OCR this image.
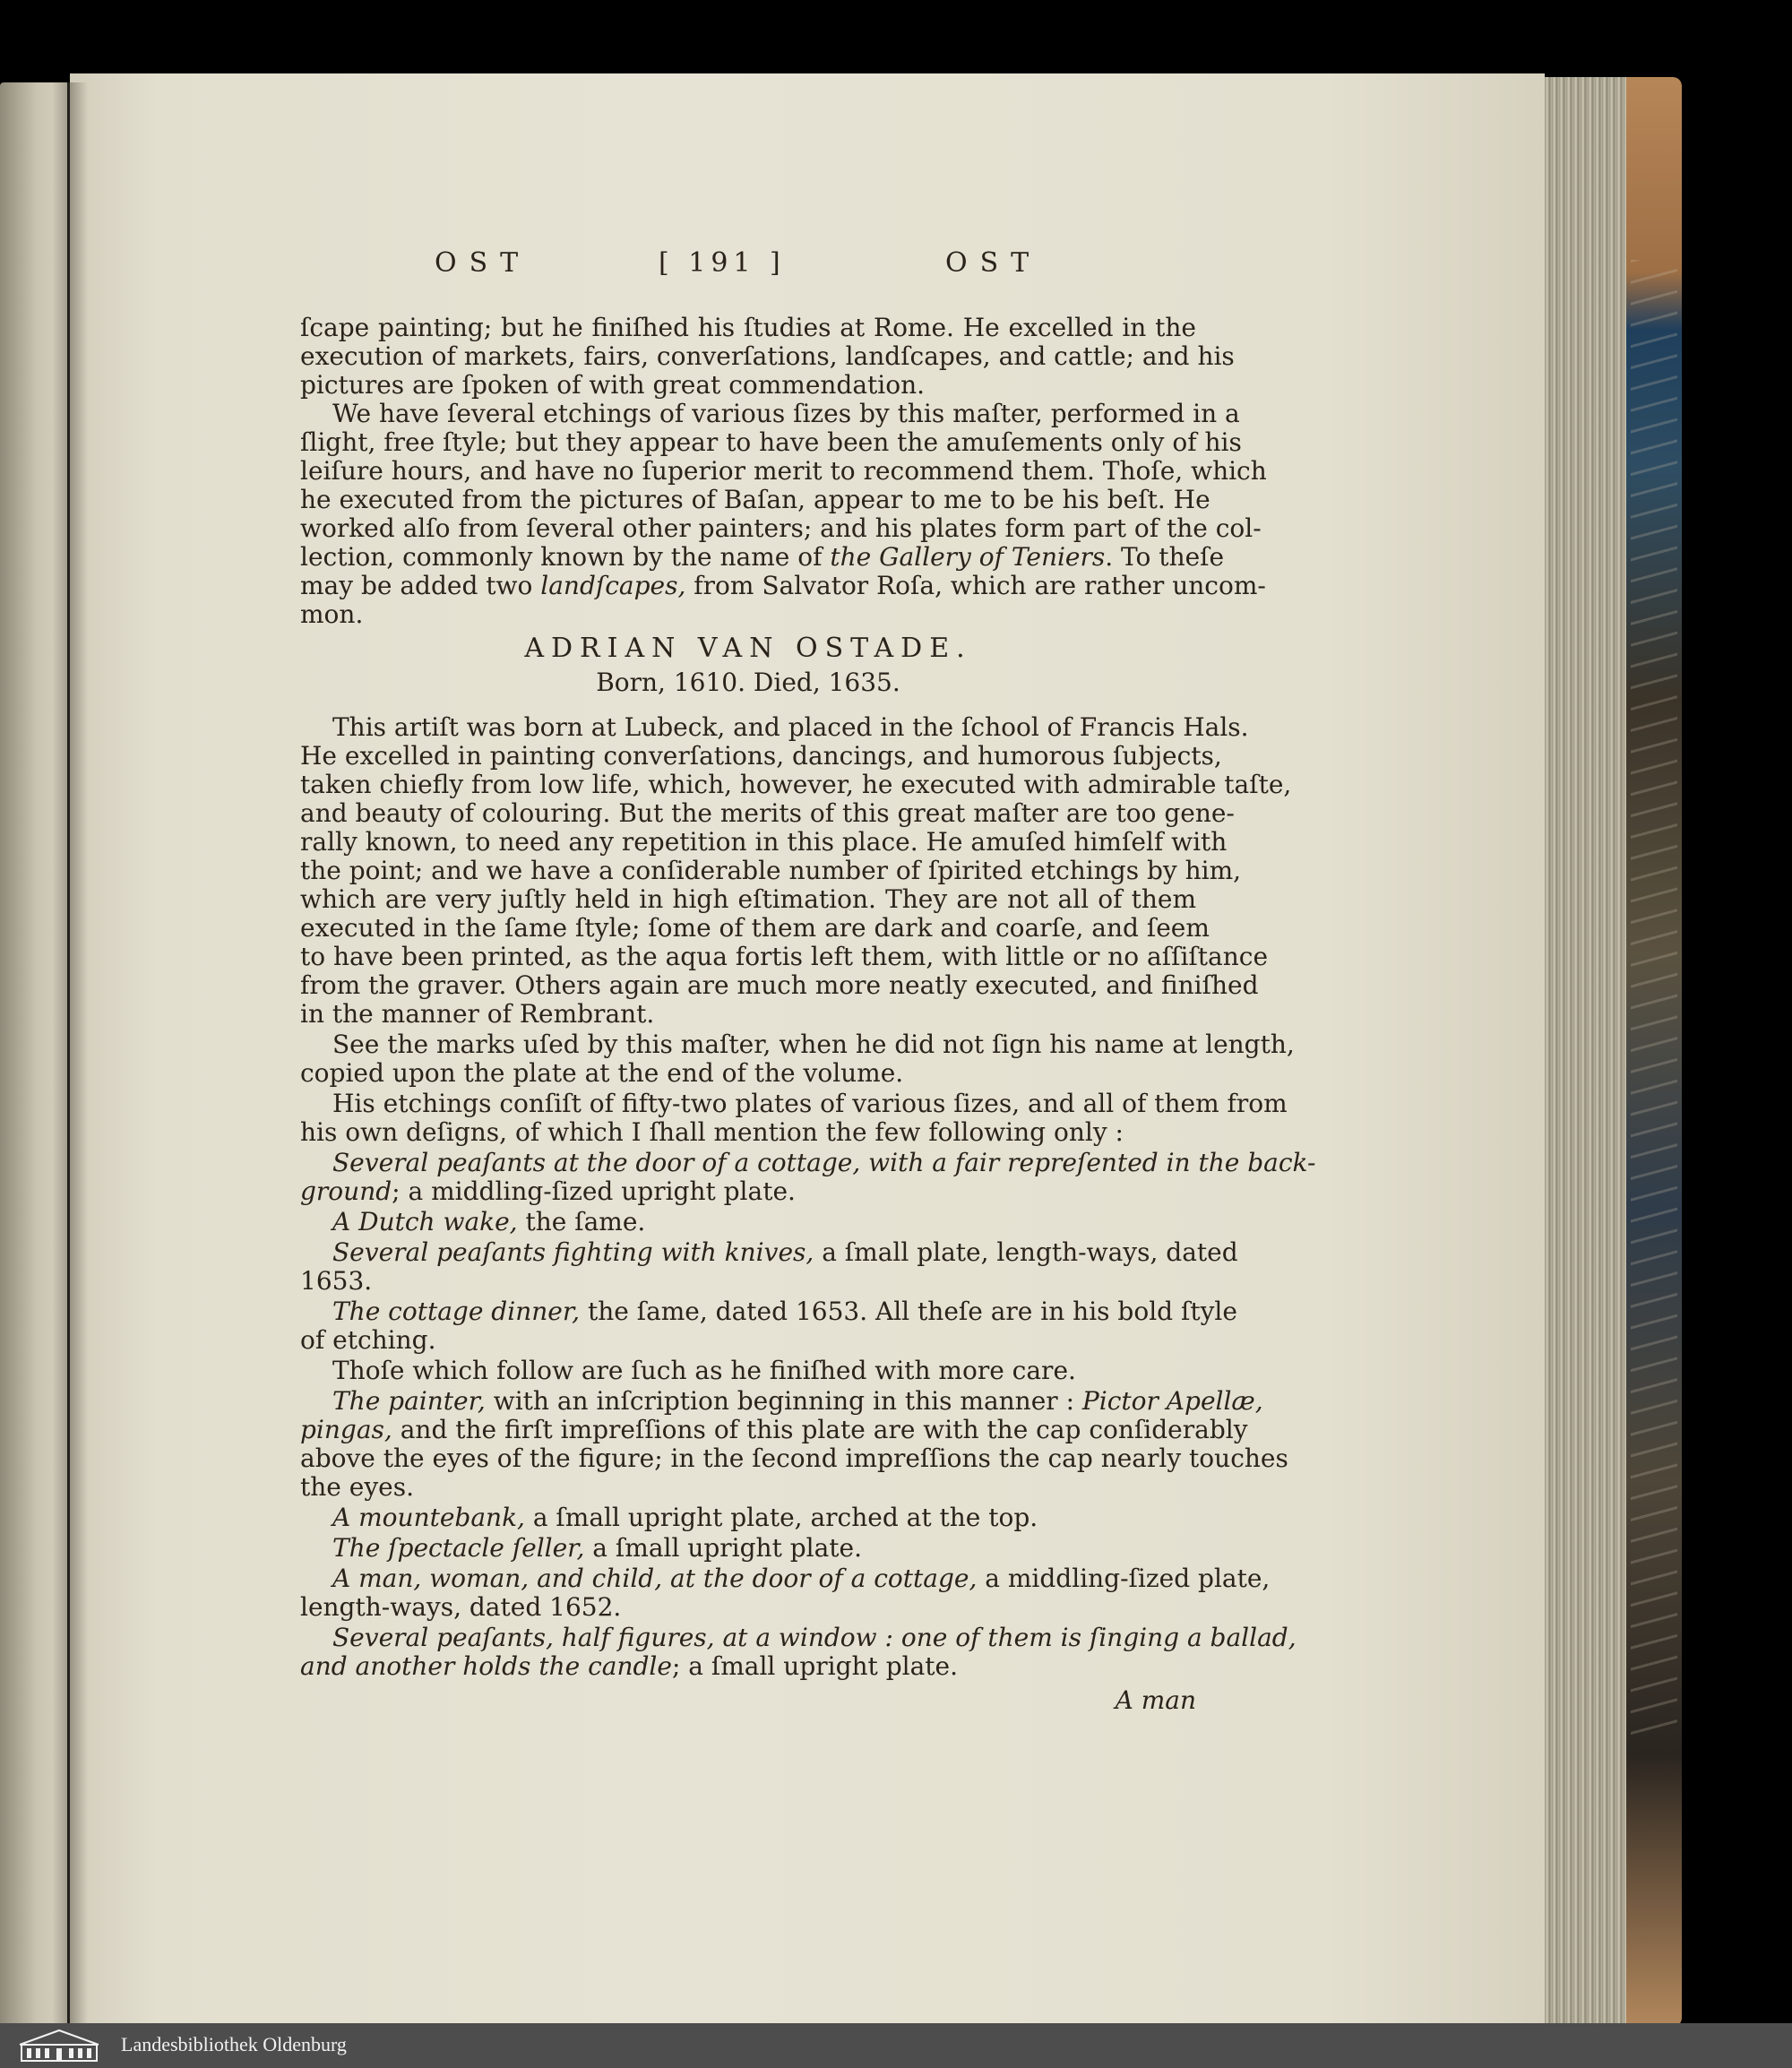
OST	[ 191 ]	OST
ſcape painting; but he finiſhed his ſtudies at Rome. He excelled in the
execution of markets, fairs, converſations, landſcapes, and cattle; and his
pictures are ſpoken of with great commendation.
We have ſeveral etchings of various ſizes by this maſter, performed in a
ſlight, free ſtyle; but they appear to have been the amuſements only of his
leiſure hours, and have no ſuperior merit to recommend them. Thoſe, which
he executed from the pictures of Baſan, appear to me to be his beſt. He
worked alſo from ſeveral other painters; and his plates form part of the col-
lection, commonly known by the name of the Gallery of Teniers. To theſe
may be added two landſcapes, from Salvator Roſa, which are rather uncom-
mon.
ADRIAN VAN OSTADE.
Born, 1610. Died, 1635.
This artiſt was born at Lubeck, and placed in the ſchool of Francis Hals.
He excelled in painting converſations, dancings, and humorous ſubjects,
taken chiefly from low life, which, however, he executed with admirable taſte,
and beauty of colouring. But the merits of this great maſter are too gene-
rally known, to need any repetition in this place. He amuſed himſelf with
the point; and we have a conſiderable number of ſpirited etchings by him,
which are very juſtly held in high eſtimation. They are not all of them
executed in the ſame ſtyle; ſome of them are dark and coarſe, and ſeem
to have been printed, as the aqua fortis left them, with little or no aſſiſtance
from the graver. Others again are much more neatly executed, and finiſhed
in the manner of Rembrant.
See the marks uſed by this maſter, when he did not ſign his name at length,
copied upon the plate at the end of the volume.
His etchings conſiſt of fifty-two plates of various ſizes, and all of them from
his own deſigns, of which I ſhall mention the few following only :
Several peaſants at the door of a cottage, with a fair repreſented in the back-
ground; a middling-ſized upright plate.
A Dutch wake, the ſame.
Several peaſants fighting with knives, a ſmall plate, length-ways, dated
1653.
The cottage dinner, the ſame, dated 1653. All theſe are in his bold ſtyle
of etching.
Thoſe which follow are ſuch as he finiſhed with more care.
The painter, with an inſcription beginning in this manner : Pictor Apellæ,
pingas, and the firſt impreſſions of this plate are with the cap conſiderably
above the eyes of the figure; in the ſecond impreſſions the cap nearly touches
the eyes.
A mountebank, a ſmall upright plate, arched at the top.
The ſpectacle ſeller, a ſmall upright plate.
A man, woman, and child, at the door of a cottage, a middling-ſized plate,
length-ways, dated 1652.
Several peaſants, half figures, at a window : one of them is ſinging a ballad,
and another holds the candle; a ſmall upright plate.
A man
Landesbibliothek Oldenburg
